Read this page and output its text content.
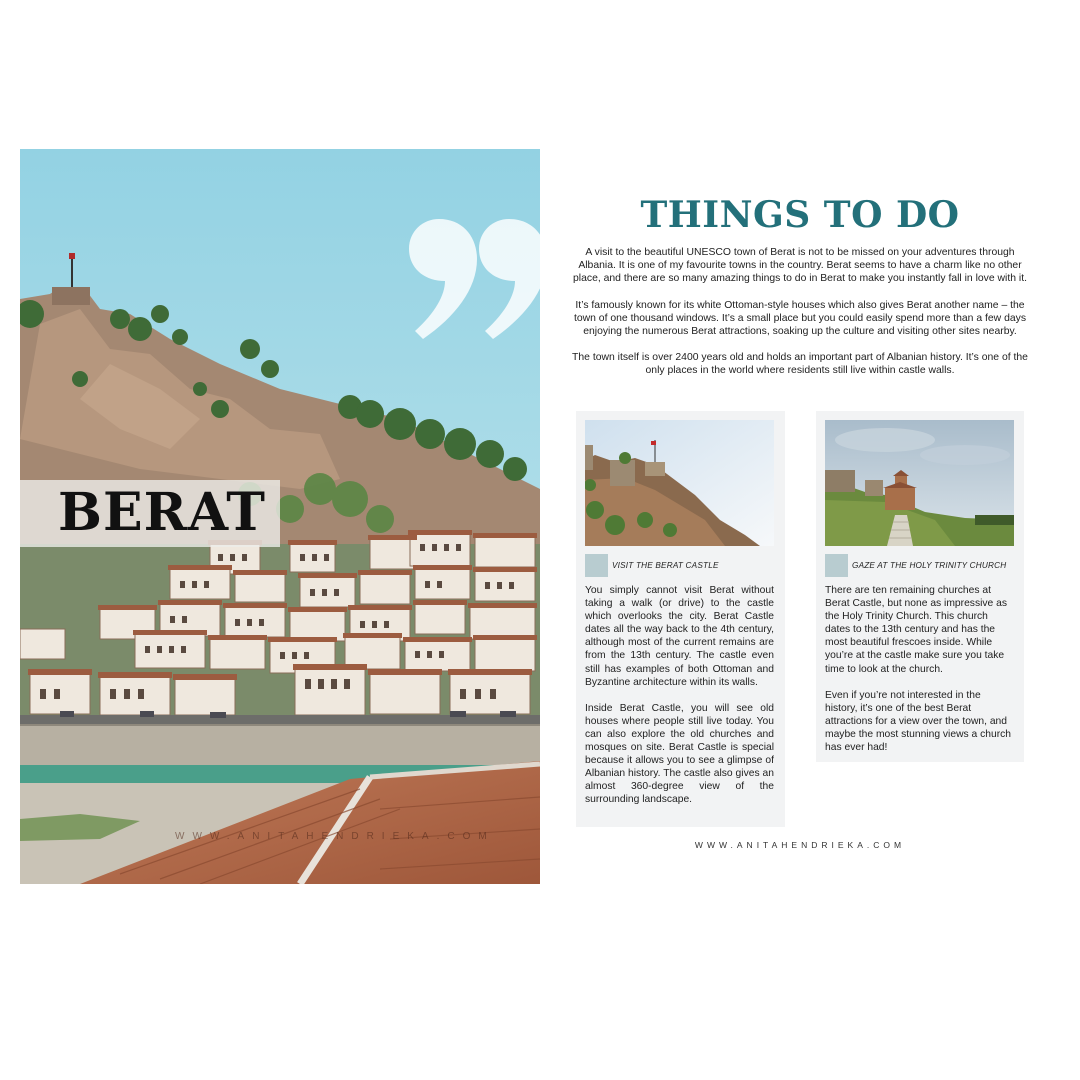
BERAT
WWW.ANITAHENDRIEKA.COM
THINGS TO DO

A visit to the beautiful UNESCO town of Berat is not to be missed on your adventures through Albania. It is one of my favourite towns in the country. Berat seems to have a charm like no other place, and there are so many amazing things to do in Berat to make you instantly fall in love with it.

It’s famously known for its white Ottoman-style houses which also gives Berat another name – the town of one thousand windows. It’s a small place but you could easily spend more than a few days enjoying the numerous Berat attractions, soaking up the culture and visiting other sites nearby.

The town itself is over 2400 years old and holds an important part of Albanian history. It’s one of the only places in the world where residents still live within castle walls.

VISIT THE BERAT CASTLE

You simply cannot visit Berat without taking a walk (or drive) to the castle which overlooks the city. Berat Castle dates all the way back to the 4th century, although most of the current remains are from the 13th century. The castle even still has examples of both Ottoman and Byzantine architecture within its walls.

Inside Berat Castle, you will see old houses where people still live today. You can also explore the old churches and mosques on site. Berat Castle is special because it allows you to see a glimpse of Albanian history. The castle also gives an almost 360-degree view of the surrounding landscape.

GAZE AT THE HOLY TRINITY CHURCH

There are ten remaining churches at Berat Castle, but none as impressive as the Holy Trinity Church. This church dates to the 13th century and has the most beautiful frescoes inside. While you’re at the castle make sure you take time to look at the church.

Even if you’re not interested in the history, it’s one of the best Berat attractions for a view over the town, and maybe the most stunning views a church has ever had!

WWW.ANITAHENDRIEKA.COM
